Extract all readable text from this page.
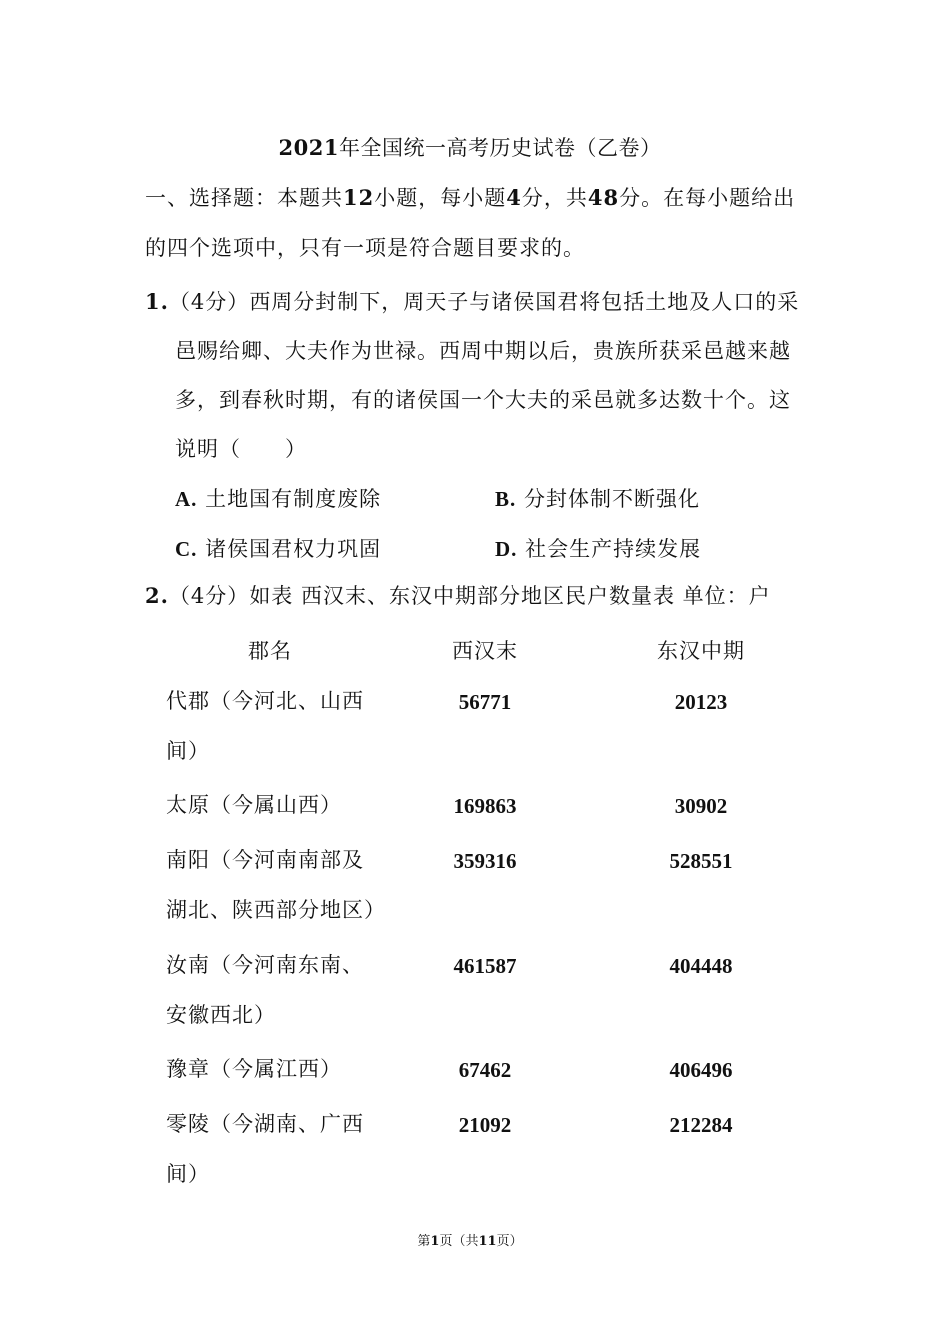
2021年全国统一高考历史试卷（乙卷）
一、选择题：本题共12小题，每小题4分，共48分。在每小题给出的四个选项中，只有一项是符合题目要求的。
1.（4分）西周分封制下，周天子与诸侯国君将包括土地及人口的采
邑赐给卿、大夫作为世禄。西周中期以后，贵族所获采邑越来越
多，到春秋时期，有的诸侯国一个大夫的采邑就多达数十个。这
说明（　　）
A. 土地国有制度废除	B. 分封体制不断强化
C. 诸侯国君权力巩固	D. 社会生产持续发展
2.（4分）如表 西汉末、东汉中期部分地区民户数量表 单位：户
郡名	西汉末	东汉中期
代郡（今河北、山西
间）
56771	20123
太原（今属山西）	169863	30902
南阳（今河南南部及
湖北、陕西部分地区）
359316	528551
汝南（今河南东南、
安徽西北）
461587	404448
豫章（今属江西）	67462	406496
零陵（今湖南、广西
间）
21092	212284
第1页（共11页）
